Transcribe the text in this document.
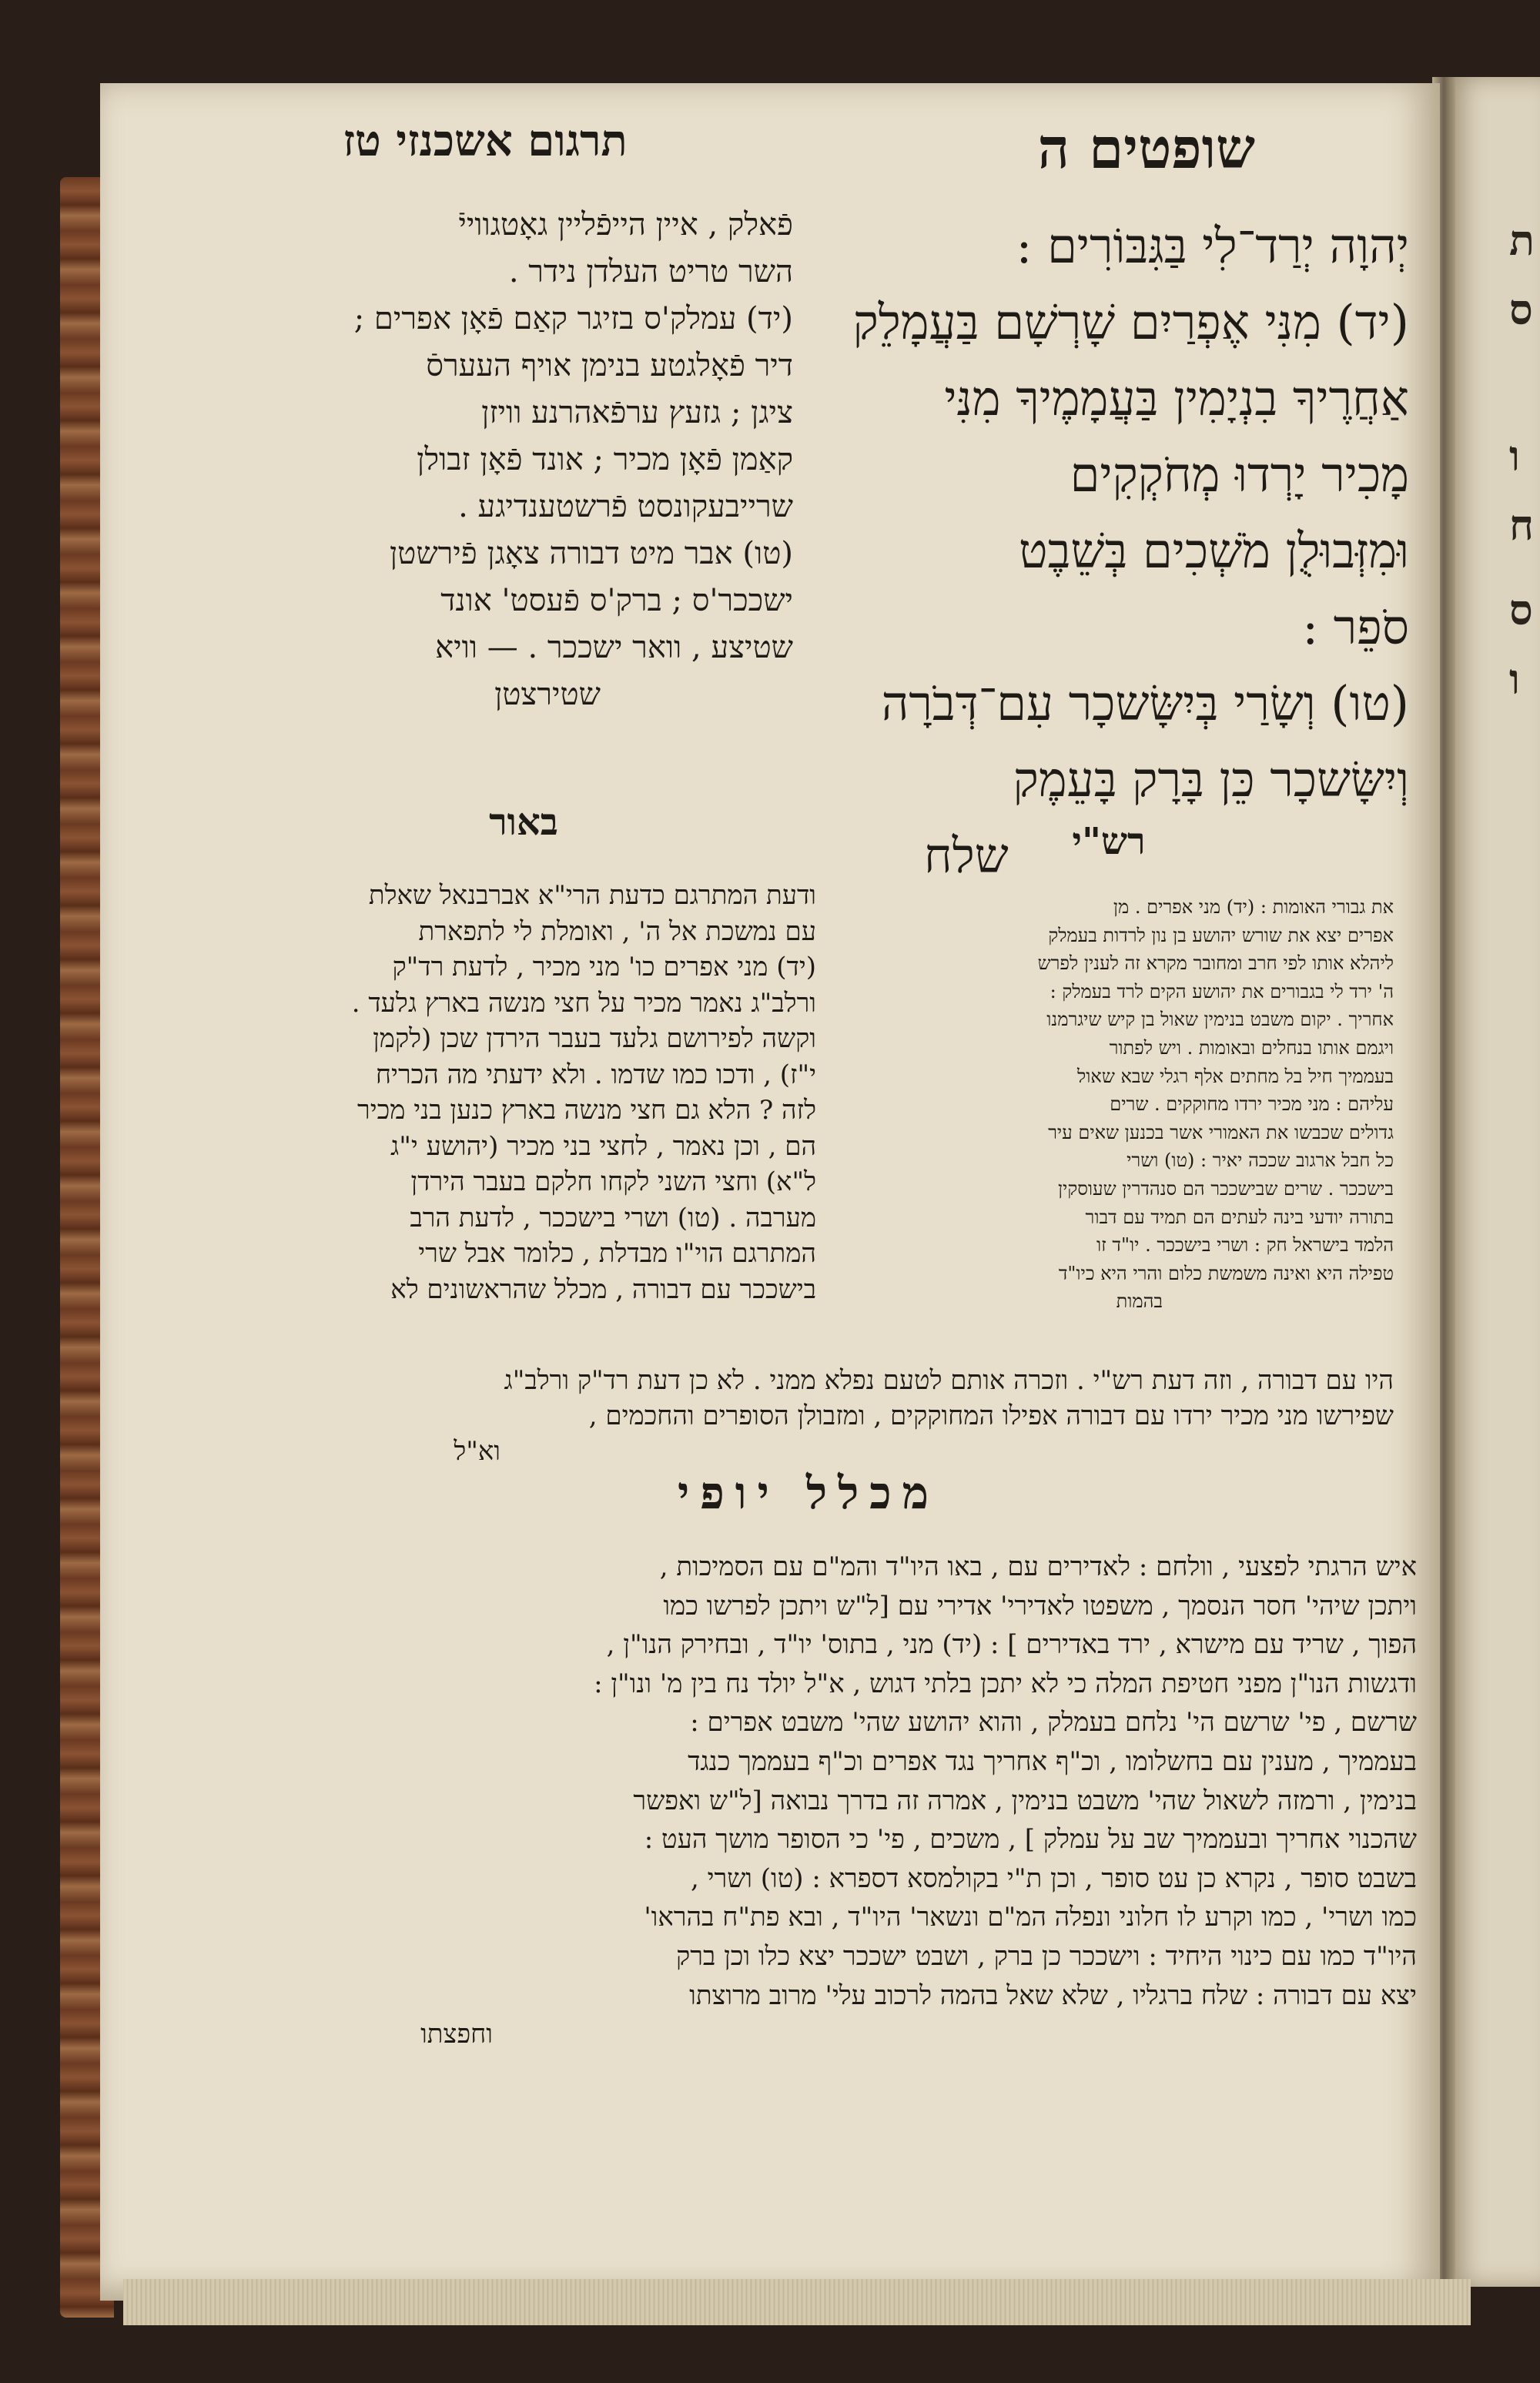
שופטים ה
תרגום אשכנזי טז
יְהוָה יְרַד־לִי בַּגִּבּוֹרִים :
(יד) מִנִּי אֶפְרַיִם שָׁרְשָׁם בַּעֲמָלֵק
אַחֲרֶיךָ בִנְיָמִין בַּעֲמָמֶיךָ מִנִּי
מָכִיר יָרְדוּ מְחֹקְקִים
וּמִזְּבוּלֻן מֹשְׁכִים בְּשֵׁבֶט
סֹפֵר :
(טו) וְשָׂרַי בְּיִשָּׂשכָר עִם־דְּבֹרָה
וְיִשָּׂשכָר כֵּן בָּרָק בָּעֵמֶק
שלח
פֿאלק , איין הייפֿליין גאָטגווייֿ
השר טריט העלדן נידר .
(יד) עמלק'ס בזיגר קאַם פֿאָן אפרים ;
דיר פֿאָלגטע בנימן אויף העערסֿ
ציגן ; גזעץ ערפֿאהרנע וויזן
קאַמן פֿאָן מכיר ; אונד פֿאָן זבולן
שרייבעקונסט פֿרשטענדיגע .
(טו) אבר מיט דבורה צאָגן פֿירשטן
ישככר'ס ; ברק'ס פֿעסט' אונד
שטיצע , וואר ישככר . — וויא
שטירצטן
באור	רש"י
ודעת המתרגם כדעת הרי"א אברבנאל שאלת
עם נמשכת אל ה' , ואומלת לי לתפארת
(יד) מני אפרים כו' מני מכיר , לדעת רד"ק
ורלב"ג נאמר מכיר על חצי מנשה בארץ גלעד .
וקשה לפירושם גלעד בעבר הירדן שכן (לקמן
י"ז) , ודכו כמו שדמו . ולא ידעתי מה הכריח
לזה ? הלא גם חצי מנשה בארץ כנען בני מכיר
הם , וכן נאמר , לחצי בני מכיר (יהושע י"ג
ל"א) וחצי השני לקחו חלקם בעבר הירדן
מערבה . (טו) ושרי בישככר , לדעת הרב
המתרגם הוי"ו מבדלת , כלומר אבל שרי
בישככר עם דבורה , מכלל שהראשונים לא
את גבורי האומות : (יד) מני אפרים . מן
אפרים יצא את שורש יהושע בן נון לרדות בעמלק
ליהלא אותו לפי חרב ומחובר מקרא זה לענין לפרש
ה' ירד לי בגבורים את יהושע הקים לרד בעמלק :
אחריך . יקום משבט בנימין שאול בן קיש שיגרמנו
ויגמם אותו בנחלים ובאומות . ויש לפתור
בעממיך חיל בל מחתים אלף רגלי שבא שאול
עליהם : מני מכיר ירדו מחוקקים . שרים
גדולים שכבשו את האמורי אשר בכנען שאים עיר
כל חבל ארגוב שככה יאיר : (טו) ושרי
בישככר . שרים שבישככר הם סנהדרין שעוסקין
בתורה יודעי בינה לעתים הם תמיד עם דבור
הלמד בישראל חק : ושרי בישככר . יו"ד זו
טפילה היא ואינה משמשת כלום והרי היא כיו"ד
בהמות
היו עם דבורה , וזה דעת רש"י . וזכרה אותם לטעם נפלא ממני . לא כן דעת רד"ק ורלב"ג
שפירשו מני מכיר ירדו עם דבורה אפילו המחוקקים , ומזבולן הסופרים והחכמים ,
וא"ל
מכלל יופי
איש הרגתי לפצעי , וולחם : לאדירים עם , באו היו"ד והמ"ם עם הסמיכות ,
ויתכן שיהי' חסר הנסמך , משפטו לאדירי' אדירי עם [ל"ש ויתכן לפרשו כמו
הפוך , שריד עם מישרא , ירד באדירים ] : (יד) מני , בתוס' יו"ד , ובחירק הנו"ן ,
ודגשות הנו"ן מפני חטיפת המלה כי לא יתכן בלתי דגוש , א"ל יולד נח בין מ' ונו"ן :
שרשם , פי' שרשם הי' נלחם בעמלק , והוא יהושע שהי' משבט אפרים :
בעממיך , מענין עם בחשלומו , וכ"ף אחריך נגד אפרים וכ"ף בעממך כנגד
בנימין , ורמזה לשאול שהי' משבט בנימין , אמרה זה בדרך נבואה [ל"ש ואפשר
שהכנוי אחריך ובעממיך שב על עמלק ] , משכים , פי' כי הסופר מושך העט :
בשבט סופר , נקרא כן עט סופר , וכן ת"י בקולמסא דספרא : (טו) ושרי ,
כמו ושרי' , כמו וקרע לו חלוני ונפלה המ"ם ונשאר' היו"ד , ובא פת"ח בהראו'
היו"ד כמו עם כינוי היחיד : וישככר כן ברק , ושבט ישככר יצא כלו וכן ברק
יצא עם דבורה : שלח ברגליו , שלא שאל בהמה לרכוב עלי' מרוב מרוצתו
וחפצתו
ת
ס
ו
ח
ס
ו
